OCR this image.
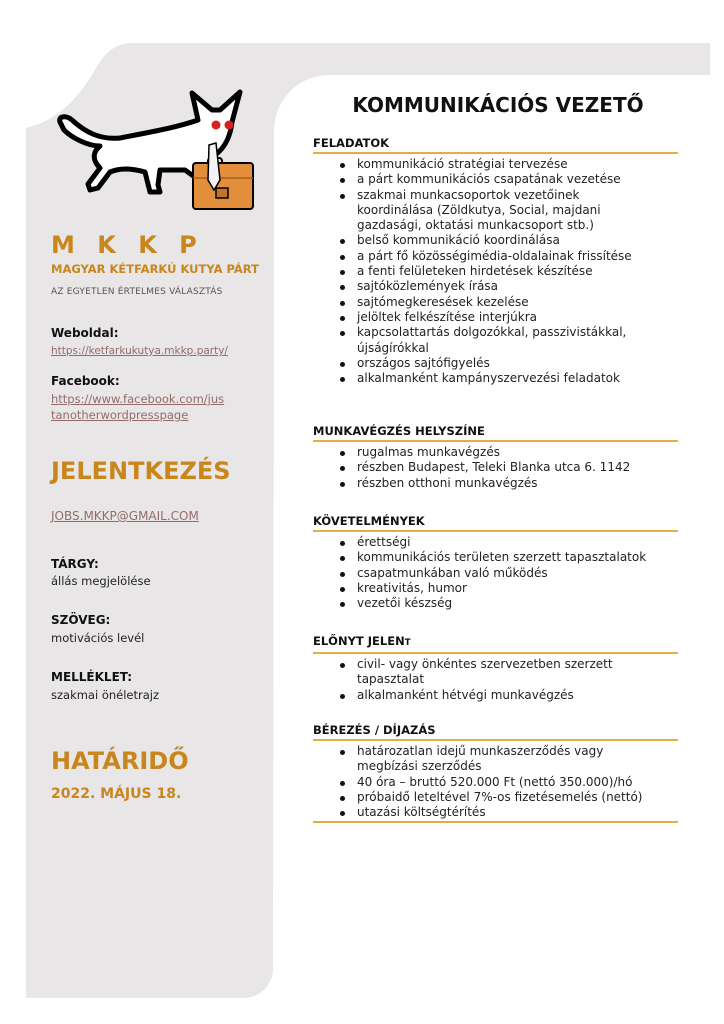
M K K P
MAGYAR KÉTFARKÚ KUTYA PÁRT
AZ EGYETLEN ÉRTELMES VÁLASZTÁS
Weboldal:
https://ketfarkukutya.mkkp.party/
Facebook:
https://www.facebook.com/jus
tanotherwordpresspage
JELENTKEZÉS
JOBS.MKKP@GMAIL.COM
TÁRGY:
állás megjelölése
SZÖVEG:
motivációs levél
MELLÉKLET:
szakmai önéletrajz
HATÁRIDŐ
2022. MÁJUS 18.
KOMMUNIKÁCIÓS VEZETŐ
FELADATOK
kommunikáció stratégiai tervezése
a párt kommunikációs csapatának vezetése
szakmai munkacsoportok vezetőinek koordinálása (Zöldkutya, Social, majdani gazdasági, oktatási munkacsoport stb.)
belső kommunikáció koordinálása
a párt fő közösségimédia-oldalainak frissítése
a fenti felületeken hirdetések készítése
sajtóközlemények írása
sajtómegkeresések kezelése
jelöltek felkészítése interjúkra
kapcsolattartás dolgozókkal, passzivistákkal, újságírókkal
országos sajtófigyelés
alkalmanként kampányszervezési feladatok
MUNKAVÉGZÉS HELYSZÍNE
rugalmas munkavégzés
részben Budapest, Teleki Blanka utca 6. 1142
részben otthoni munkavégzés
KÖVETELMÉNYEK
érettségi
kommunikációs területen szerzett tapasztalatok
csapatmunkában való működés
kreativitás, humor
vezetői készség
ELŐNYT JELENT
civil- vagy önkéntes szervezetben szerzett tapasztalat
alkalmanként hétvégi munkavégzés
BÉREZÉS / DÍJAZÁS
határozatlan idejű munkaszerződés vagy megbízási szerződés
40 óra – bruttó 520.000 Ft (nettó 350.000)/hó
próbaidő leteltével 7%-os fizetésemelés (nettó)
utazási költségtérítés
